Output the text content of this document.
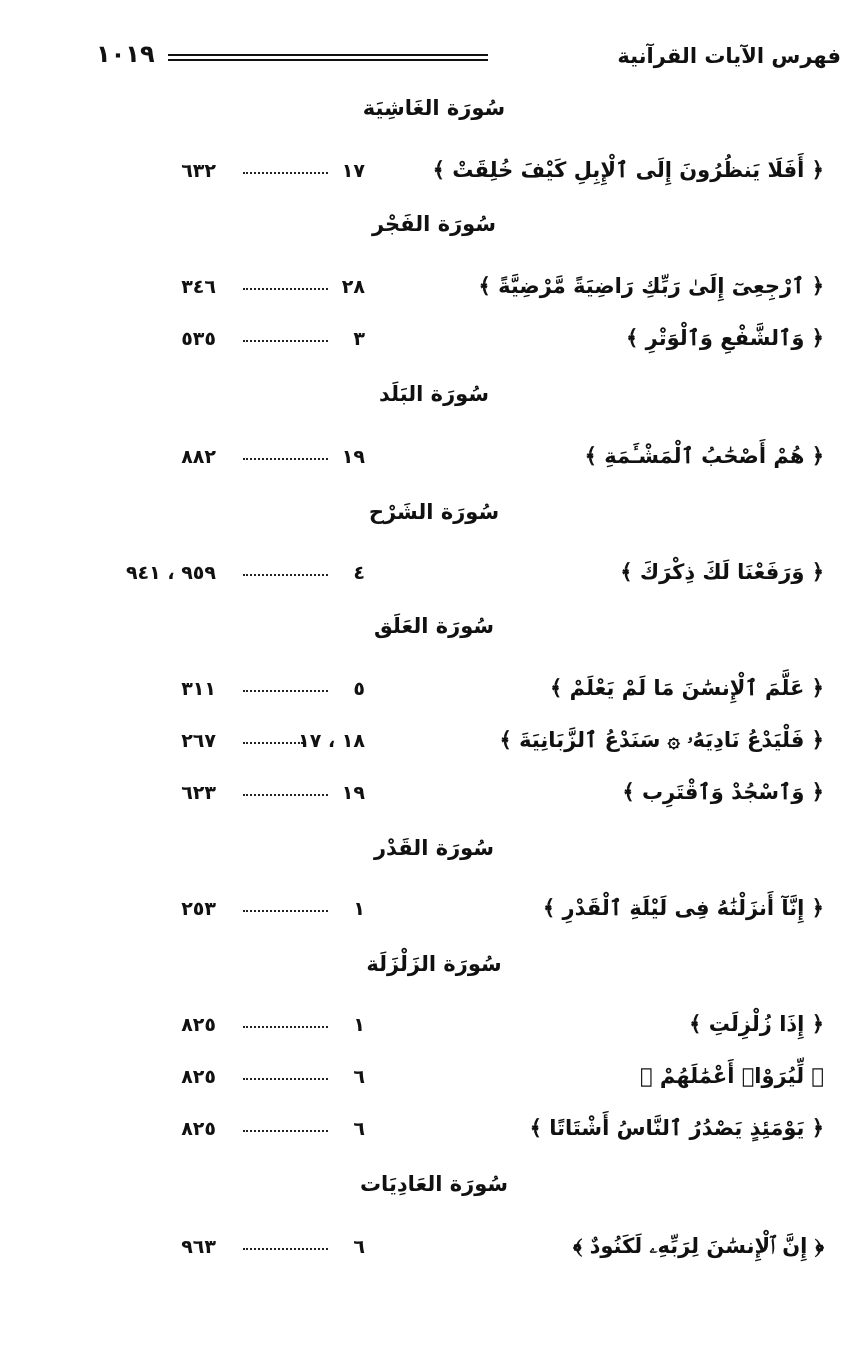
فهرس الآيات القرآنية
١٠١٩
سُورَة الغَاشِيَة
﴿ أَفَلَا يَنظُرُونَ إِلَى ٱلْإِبِلِ كَيْفَ خُلِقَتْ ﴾
١٧
٦٣٢
سُورَة الفَجْر
﴿ ٱرْجِعِىٓ إِلَىٰ رَبِّكِ رَاضِيَةً مَّرْضِيَّةً ﴾
٢٨
٣٤٦
﴿ وَٱلشَّفْعِ وَٱلْوَتْرِ ﴾
٣
٥٣٥
سُورَة البَلَد
﴿ هُمْ أَصْحَٰبُ ٱلْمَشْـَٔمَةِ ﴾
١٩
٨٨٢
سُورَة الشَرْح
﴿ وَرَفَعْنَا لَكَ ذِكْرَكَ ﴾
٤
٩٥٩ ، ٩٤١
سُورَة العَلَق
﴿ عَلَّمَ ٱلْإِنسَٰنَ مَا لَمْ يَعْلَمْ ﴾
٥
٣١١
﴿ فَلْيَدْعُ نَادِيَهُۥ ۞ سَنَدْعُ ٱلزَّبَانِيَةَ ﴾
١٨ ، ١٧
٢٦٧
﴿ وَٱسْجُدْ وَٱقْتَرِب ﴾
١٩
٦٢٣
سُورَة القَدْر
﴿ إِنَّآ أَنزَلْنَٰهُ فِى لَيْلَةِ ٱلْقَدْرِ ﴾
١
٢٥٣
سُورَة الزَلْزَلَة
﴿ إِذَا زُلْزِلَتِ ﴾
١
٨٢٥
﴿ لِّيُرَوْا۟ أَعْمَٰلَهُمْ ﴾
٦
٨٢٥
﴿ يَوْمَئِذٍ يَصْدُرُ ٱلنَّاسُ أَشْتَاتًا ﴾
٦
٨٢٥
سُورَة العَادِيَات
﴿ إِنَّ ٱلْإِنسَٰنَ لِرَبِّهِۦ لَكَنُودٌ ﴾
٦
٩٦٣
